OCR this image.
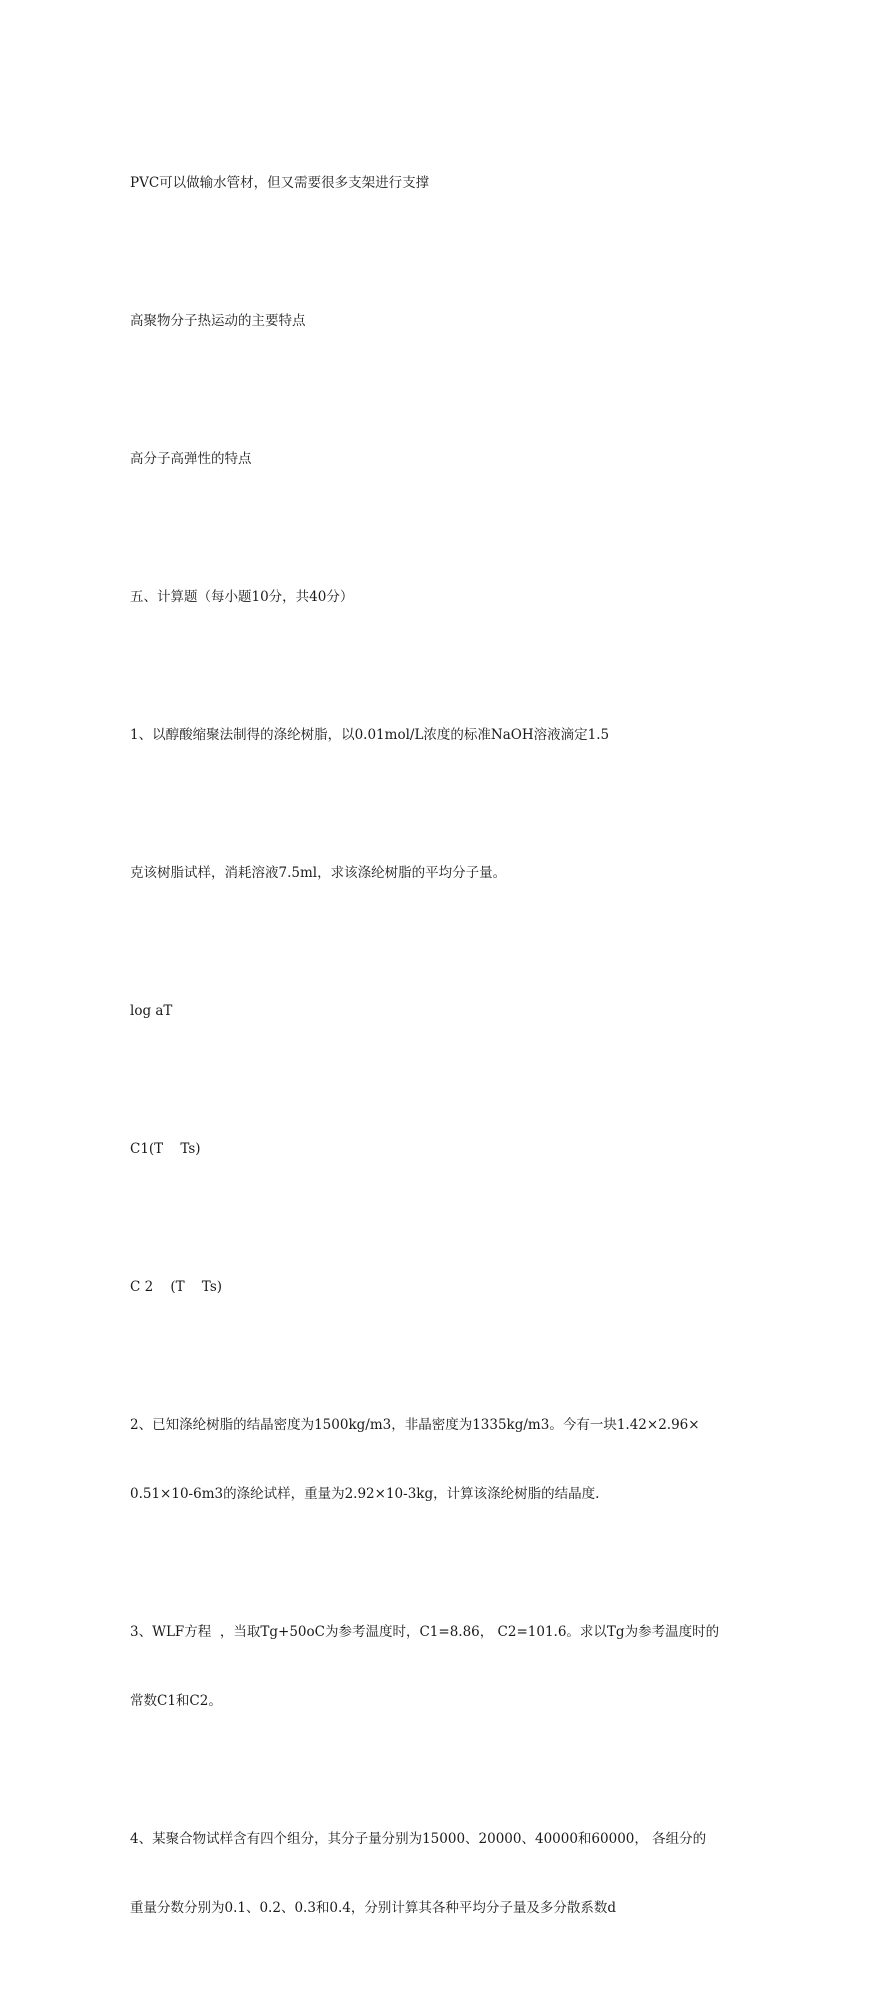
PVC可以做输水管材，但又需要很多支架进行支撑

高聚物分子热运动的主要特点

高分子高弹性的特点

五、计算题（每小题10分，共40分）

1、以醇酸缩聚法制得的涤纶树脂，以0.01mol/L浓度的标准NaOH溶液滴定1.5

克该树脂试样，消耗溶液7.5ml，求该涤纶树脂的平均分子量。

log aT

C1(T    Ts)

C 2    (T    Ts)

2、已知涤纶树脂的结晶密度为1500kg/m3，非晶密度为1335kg/m3。今有一块1.42×2.96×

0.51×10-6m3的涤纶试样，重量为2.92×10-3kg，计算该涤纶树脂的结晶度.

3、WLF方程  ，当取Tg+50oC为参考温度时，C1=8.86， C2=101.6。求以Tg为参考温度时的

常数C1和C2。

4、某聚合物试样含有四个组分，其分子量分别为15000、20000、40000和60000， 各组分的

重量分数分别为0.1、0.2、0.3和0.4，分别计算其各种平均分子量及多分散系数d
